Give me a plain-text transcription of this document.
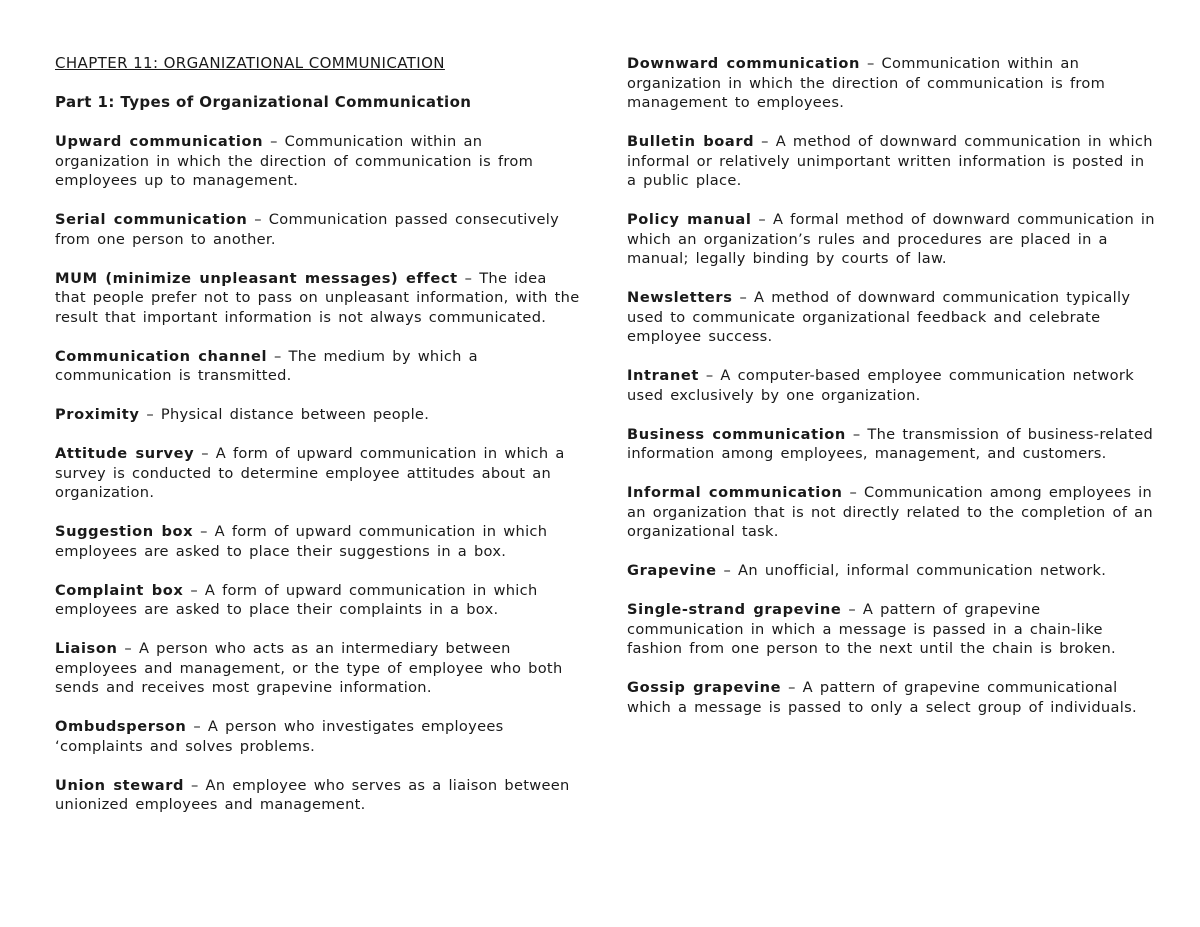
CHAPTER 11: ORGANIZATIONAL COMMUNICATION
Part 1: Types of Organizational Communication
Upward communication – Communication within an organization in which the direction of communication is from employees up to management.
Serial communication – Communication passed consecutively from one person to another.
MUM (minimize unpleasant messages) effect – The idea that people prefer not to pass on unpleasant information, with the result that important information is not always communicated.
Communication channel – The medium by which a communication is transmitted.
Proximity – Physical distance between people.
Attitude survey – A form of upward communication in which a survey is conducted to determine employee attitudes about an organization.
Suggestion box – A form of upward communication in which employees are asked to place their suggestions in a box.
Complaint box – A form of upward communication in which employees are asked to place their complaints in a box.
Liaison – A person who acts as an intermediary between employees and management, or the type of employee who both sends and receives most grapevine information.
Ombudsperson – A person who investigates employees ‘complaints and solves problems.
Union steward – An employee who serves as a liaison between unionized employees and management.
Downward communication – Communication within an organization in which the direction of communication is from management to employees.
Bulletin board – A method of downward communication in which informal or relatively unimportant written information is posted in a public place.
Policy manual – A formal method of downward communication in which an organization’s rules and procedures are placed in a manual; legally binding by courts of law.
Newsletters – A method of downward communication typically used to communicate organizational feedback and celebrate employee success.
Intranet – A computer-based employee communication network used exclusively by one organization.
Business communication – The transmission of business-related information among employees, management, and customers.
Informal communication – Communication among employees in an organization that is not directly related to the completion of an organizational task.
Grapevine – An unofficial, informal communication network.
Single-strand grapevine – A pattern of grapevine communication in which a message is passed in a chain-like fashion from one person to the next until the chain is broken.
Gossip grapevine – A pattern of grapevine communicational which a message is passed to only a select group of individuals.
